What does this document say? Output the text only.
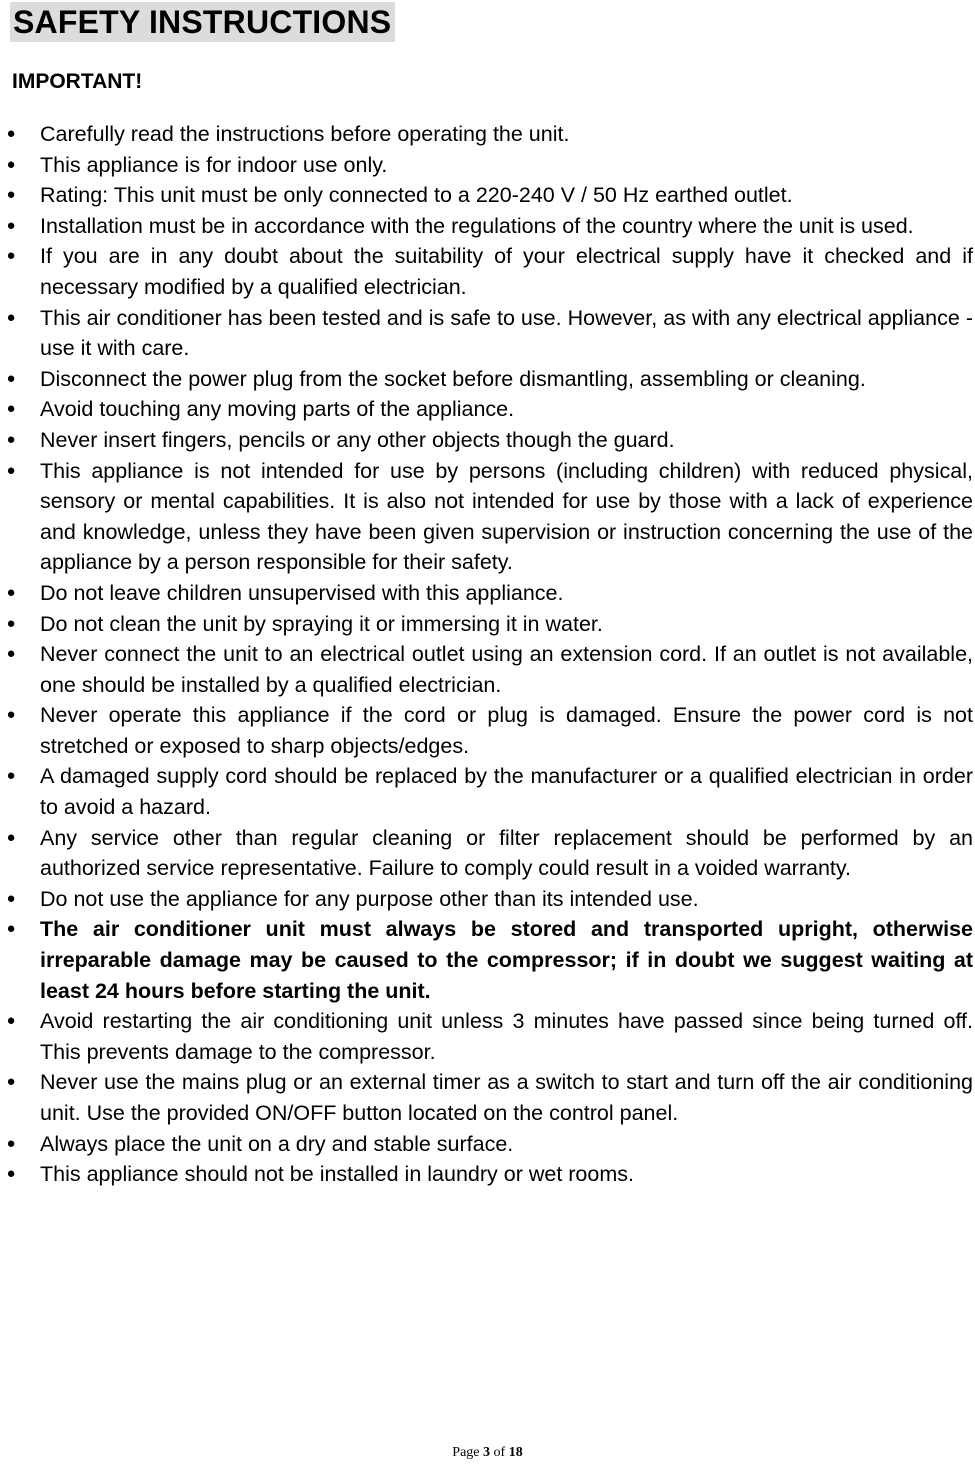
SAFETY INSTRUCTIONS
IMPORTANT!
● Carefully read the instructions before operating the unit.
● This appliance is for indoor use only.
● Rating: This unit must be only connected to a 220-240 V / 50 Hz earthed outlet.
● Installation must be in accordance with the regulations of the country where the unit is used.
● If you are in any doubt about the suitability of your electrical supply have it checked and if necessary modified by a qualified electrician.
● This air conditioner has been tested and is safe to use. However, as with any electrical appliance - use it with care.
● Disconnect the power plug from the socket before dismantling, assembling or cleaning.
● Avoid touching any moving parts of the appliance.
● Never insert fingers, pencils or any other objects though the guard.
● This appliance is not intended for use by persons (including children) with reduced physical, sensory or mental capabilities. It is also not intended for use by those with a lack of experience and knowledge, unless they have been given supervision or instruction concerning the use of the appliance by a person responsible for their safety.
● Do not leave children unsupervised with this appliance.
● Do not clean the unit by spraying it or immersing it in water.
● Never connect the unit to an electrical outlet using an extension cord. If an outlet is not available, one should be installed by a qualified electrician.
● Never operate this appliance if the cord or plug is damaged. Ensure the power cord is not stretched or exposed to sharp objects/edges.
● A damaged supply cord should be replaced by the manufacturer or a qualified electrician in order to avoid a hazard.
● Any service other than regular cleaning or filter replacement should be performed by an authorized service representative. Failure to comply could result in a voided warranty.
● Do not use the appliance for any purpose other than its intended use.
● The air conditioner unit must always be stored and transported upright, otherwise irreparable damage may be caused to the compressor; if in doubt we suggest waiting at least 24 hours before starting the unit.
● Avoid restarting the air conditioning unit unless 3 minutes have passed since being turned off. This prevents damage to the compressor.
● Never use the mains plug or an external timer as a switch to start and turn off the air conditioning unit. Use the provided ON/OFF button located on the control panel.
● Always place the unit on a dry and stable surface.
● This appliance should not be installed in laundry or wet rooms.
Page 3 of 18
